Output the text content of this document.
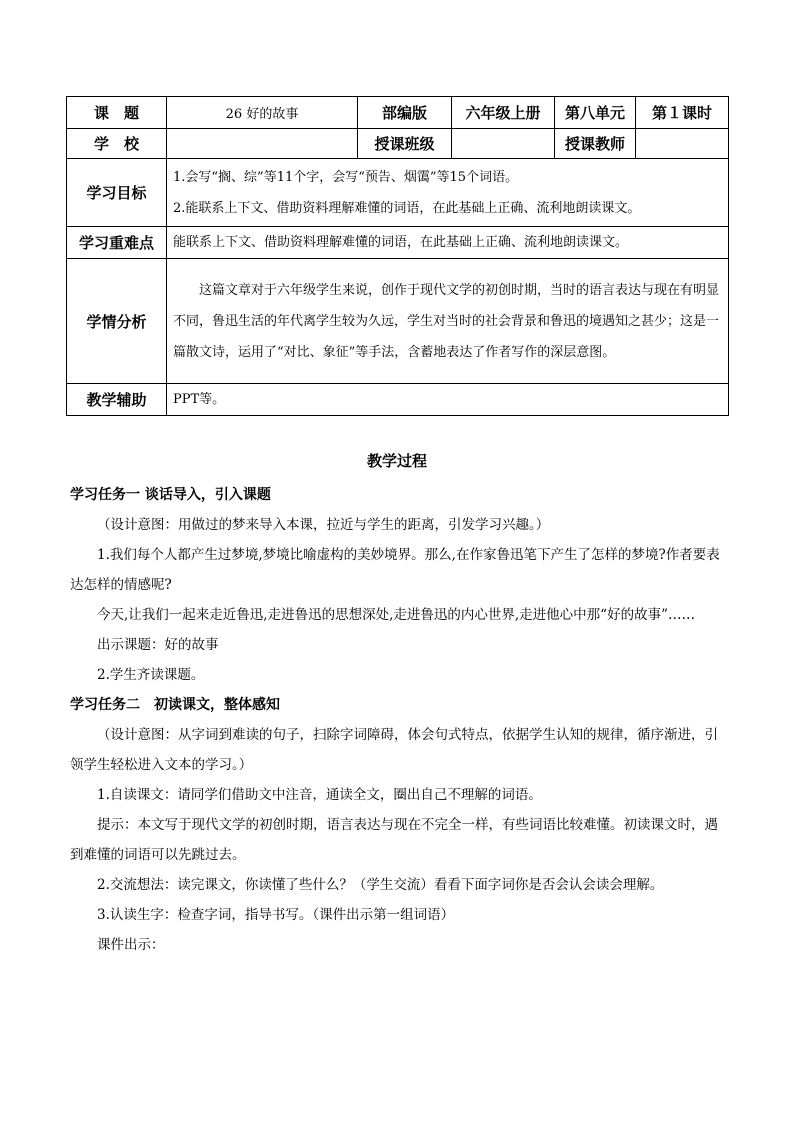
课　题	26 好的故事	部编版	六年级上册	第八单元	第１课时
学　校		授课班级		授课教师	
学习目标	1.会写“搁、综”等11个字，会写“预告、烟霭”等15个词语。
2.能联系上下文、借助资料理解难懂的词语，在此基础上正确、流利地朗读课文。				

学习重难点	能联系上下文、借助资料理解难懂的词语，在此基础上正确、流利地朗读课文。				
学情分析	这篇文章对于六年级学生来说，创作于现代文学的初创时期，当时的语言表达与现在有明显不同，鲁迅生活的年代离学生较为久远，学生对当时的社会背景和鲁迅的境遇知之甚少；这是一篇散文诗，运用了“对比、象征”等手法，含蓄地表达了作者写作的深层意图。				

教学辅助	PPT等。				
教学过程
学习任务一 谈话导入，引入课题

（设计意图：用做过的梦来导入本课，拉近与学生的距离，引发学习兴趣。）

1.我们每个人都产生过梦境,梦境比喻虚构的美妙境界。那么,在作家鲁迅笔下产生了怎样的梦境?作者要表达怎样的情感呢?

今天,让我们一起来走近鲁迅,走进鲁迅的思想深处,走进鲁迅的内心世界,走进他心中那“好的故事”……

出示课题：好的故事

2.学生齐读课题。

学习任务二　初读课文，整体感知

（设计意图：从字词到难读的句子，扫除字词障碍，体会句式特点，依据学生认知的规律，循序渐进，引领学生轻松进入文本的学习。）

1.自读课文：请同学们借助文中注音，通读全文，圈出自己不理解的词语。

提示：本文写于现代文学的初创时期，语言表达与现在不完全一样，有些词语比较难懂。初读课文时，遇到难懂的词语可以先跳过去。

2.交流想法：读完课文，你读懂了些什么？（学生交流）看看下面字词你是否会认会读会理解。

3.认读生字：检查字词，指导书写。（课件出示第一组词语）

课件出示：
